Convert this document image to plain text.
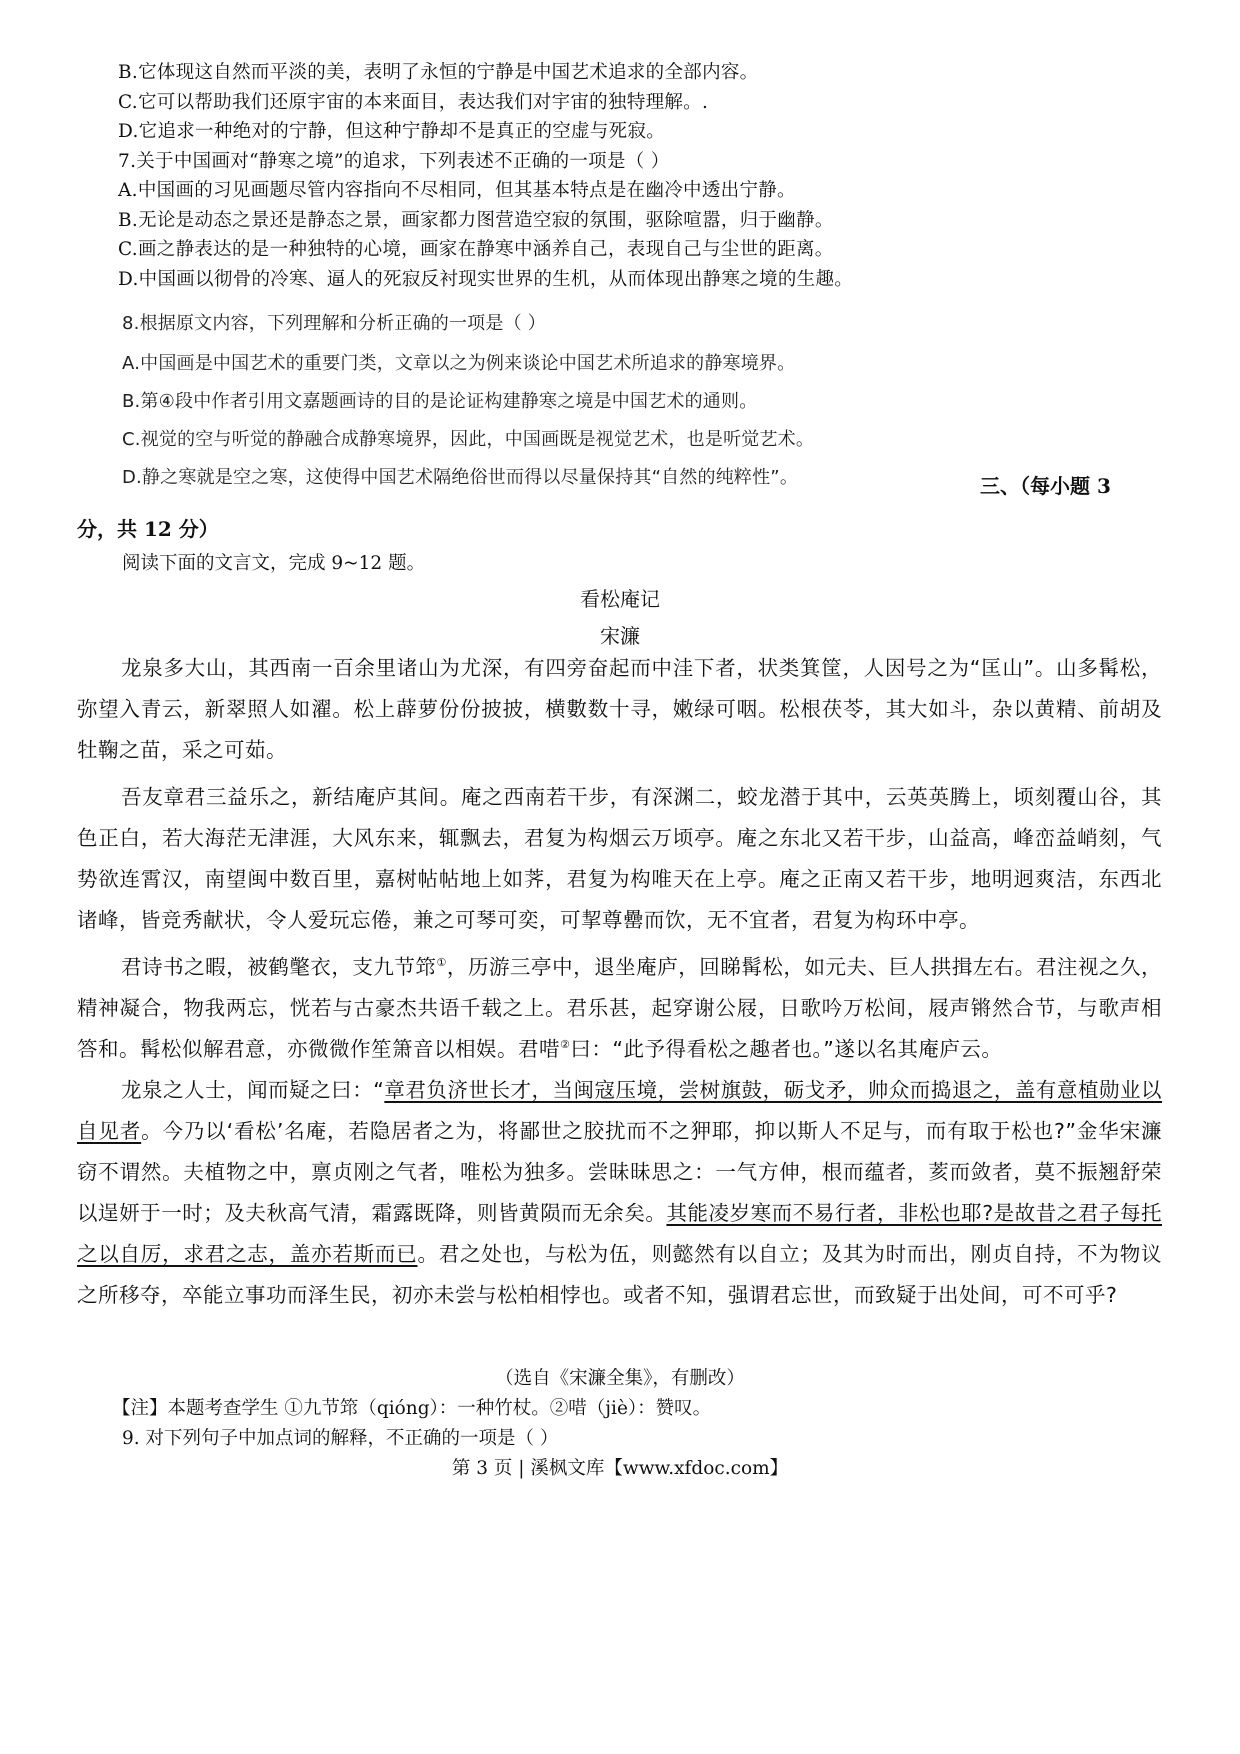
B.它体现这自然而平淡的美，表明了永恒的宁静是中国艺术追求的全部内容。
C.它可以帮助我们还原宇宙的本来面目，表达我们对宇宙的独特理解。.
D.它追求一种绝对的宁静，但这种宁静却不是真正的空虚与死寂。
7.关于中国画对“静寒之境”的追求，下列表述不正确的一项是（ ）
A.中国画的习见画题尽管内容指向不尽相同，但其基本特点是在幽冷中透出宁静。
B.无论是动态之景还是静态之景，画家都力图营造空寂的氛围，驱除喧嚣，归于幽静。
C.画之静表达的是一种独特的心境，画家在静寒中涵养自己，表现自己与尘世的距离。
D.中国画以彻骨的冷寒、逼人的死寂反衬现实世界的生机，从而体现出静寒之境的生趣。
8.根据原文内容，下列理解和分析正确的一项是（ ）
A.中国画是中国艺术的重要门类，文章以之为例来谈论中国艺术所追求的静寒境界。
B.第④段中作者引用文嘉题画诗的目的是论证构建静寒之境是中国艺术的通则。
C.视觉的空与听觉的静融合成静寒境界，因此，中国画既是视觉艺术，也是听觉艺术。
D.静之寒就是空之寒，这使得中国艺术隔绝俗世而得以尽量保持其“自然的纯粹性”。	三、（每小题 3
分，共 12 分）
阅读下面的文言文，完成 9~12 题。
看松庵记
宋濂

龙泉多大山，其西南一百余里诸山为尤深，有四旁奋起而中洼下者，状类箕筐，人因号之为“匡山”。山多髯松，弥望入青云，新翠照人如濯。松上薜萝份份披披，横數数十寻，嫩绿可咽。松根茯苓，其大如斗，杂以黄精、前胡及牡鞠之苗，采之可茹。

吾友章君三益乐之，新结庵庐其间。庵之西南若干步，有深渊二，蛟龙潜于其中，云英英腾上，顷刻覆山谷，其色正白，若大海茫无津涯，大风东来，辄飘去，君复为构烟云万顷亭。庵之东北又若干步，山益高，峰峦益峭刻，气势欲连霄汉，南望闽中数百里，嘉树帖帖地上如荠，君复为构唯天在上亭。庵之正南又若干步，地明迥爽洁，东西北诸峰，皆竞秀献状，令人爱玩忘倦，兼之可琴可奕，可挈尊罍而饮，无不宜者，君复为构环中亭。

君诗书之暇，被鹤氅衣，支九节筇①，历游三亭中，退坐庵庐，回睇髯松，如元夫、巨人拱揖左右。君注视之久，精神凝合，物我两忘，恍若与古豪杰共语千载之上。君乐甚，起穿谢公屐，日歌吟万松间，屐声锵然合节，与歌声相答和。髯松似解君意，亦微微作笙箫音以相娱。君唶②曰：“此予得看松之趣者也。”遂以名其庵庐云。

龙泉之人士，闻而疑之曰：“章君负济世长才，当闽寇压境，尝树旗鼓，砺戈矛，帅众而捣退之，盖有意植勋业以自见者。今乃以‘看松’名庵，若隐居者之为，将鄙世之胶扰而不之狎耶，抑以斯人不足与，而有取于松也?”金华宋濂窃不谓然。夫植物之中，禀贞刚之气者，唯松为独多。尝昧昧思之：一气方伸，根而蕴者，荄而敛者，莫不振翘舒荣以逞妍于一时；及夫秋高气清，霜露既降，则皆黄陨而无余矣。其能凌岁寒而不易行者，非松也耶?是故昔之君子每托之以自厉，求君之志，盖亦若斯而已。君之处也，与松为伍，则懿然有以自立；及其为时而出，刚贞自持，不为物议之所移夺，卒能立事功而泽生民，初亦未尝与松柏相悖也。或者不知，强谓君忘世，而致疑于出处间，可不可乎?

（选自《宋濂全集》，有删改）
【注】本题考查学生 ①九节筇（qióng）：一种竹杖。②唶（jiè）：赞叹。
9. 对下列句子中加点词的解释，不正确的一项是（ ）
第 3 页 | 溪枫文库【www.xfdoc.com】
